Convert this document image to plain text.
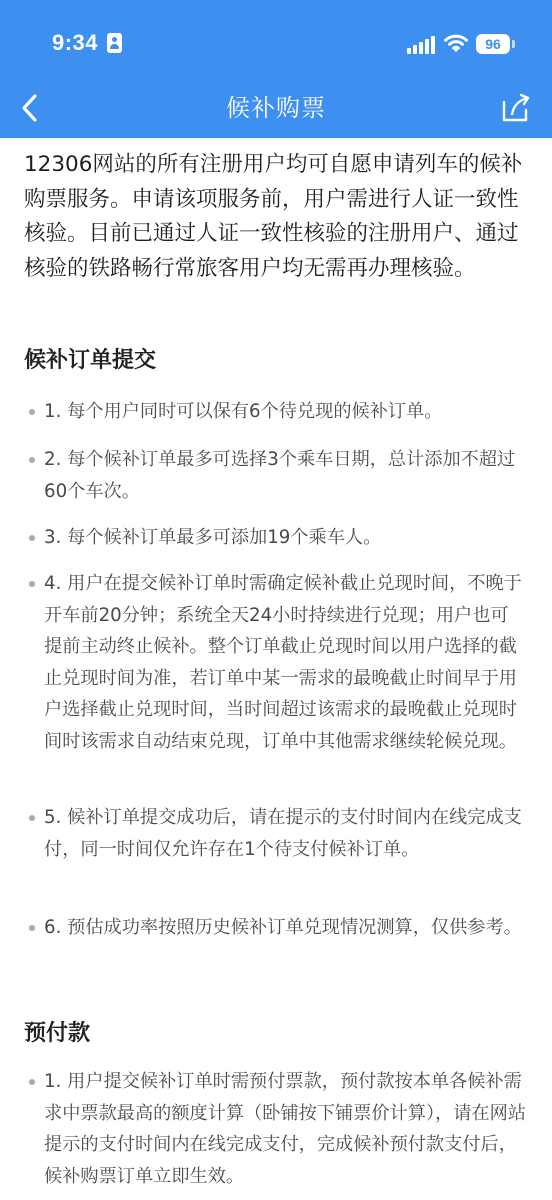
9:34	96
候补购票
12306网站的所有注册用户均可自愿申请列车的候补购票服务。申请该项服务前，用户需进行人证一致性核验。目前已通过人证一致性核验的注册用户、通过核验的铁路畅行常旅客用户均无需再办理核验。
候补订单提交
1. 每个用户同时可以保有6个待兑现的候补订单。
2. 每个候补订单最多可选择3个乘车日期，总计添加不超过60个车次。
3. 每个候补订单最多可添加19个乘车人。
4. 用户在提交候补订单时需确定候补截止兑现时间，不晚于开车前20分钟；系统全天24小时持续进行兑现；用户也可提前主动终止候补。整个订单截止兑现时间以用户选择的截止兑现时间为准，若订单中某一需求的最晚截止时间早于用户选择截止兑现时间，当时间超过该需求的最晚截止兑现时间时该需求自动结束兑现，订单中其他需求继续轮候兑现。
5. 候补订单提交成功后，请在提示的支付时间内在线完成支付，同一时间仅允许存在1个待支付候补订单。
6. 预估成功率按照历史候补订单兑现情况测算，仅供参考。
预付款
1. 用户提交候补订单时需预付票款，预付款按本单各候补需求中票款最高的额度计算（卧铺按下铺票价计算），请在网站提示的支付时间内在线完成支付，完成候补预付款支付后，候补购票订单立即生效。
